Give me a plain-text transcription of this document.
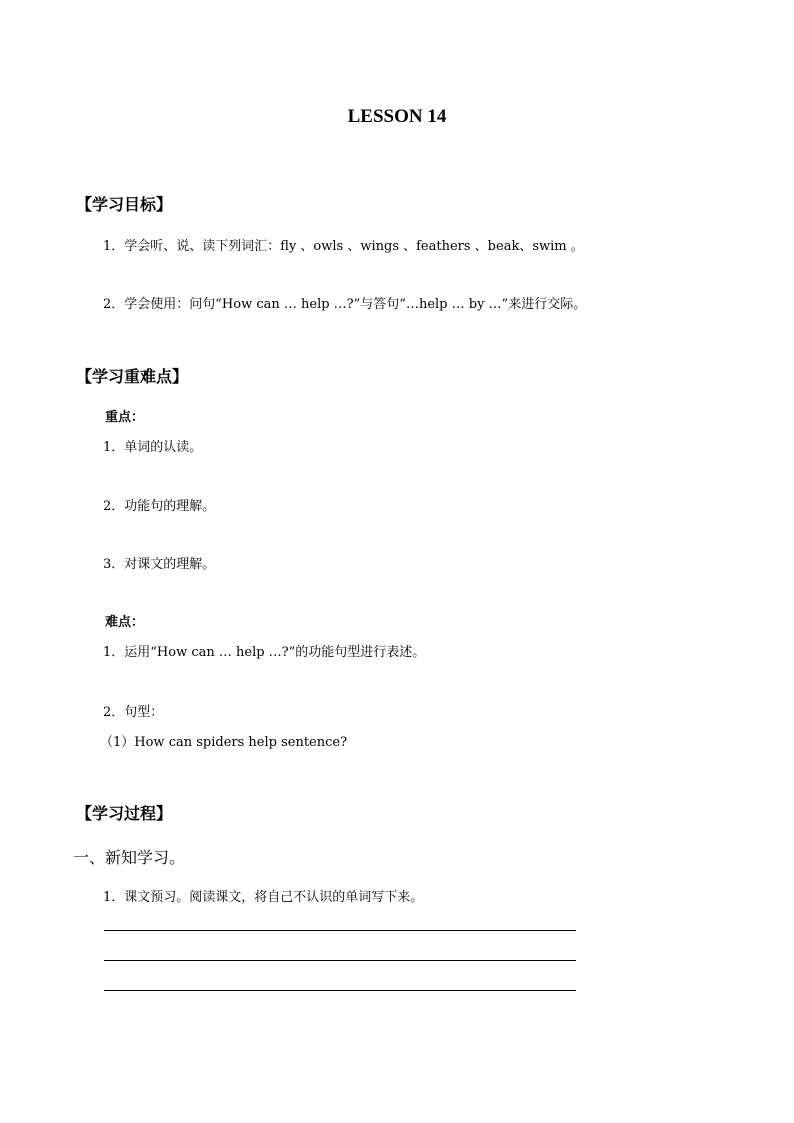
LESSON 14
【学习目标】
1．学会听、说、读下列词汇：fly 、owls 、wings 、feathers 、beak、swim 。
2．学会使用：问句“How can … help …?”与答句“…help … by …”来进行交际。
【学习重难点】
重点：
1．单词的认读。
2．功能句的理解。
3．对课文的理解。
难点：
1．运用“How can … help …?”的功能句型进行表述。
2．句型：
（1）How can spiders help sentence?
【学习过程】
一、新知学习。
1．课文预习。阅读课文，将自己不认识的单词写下来。
